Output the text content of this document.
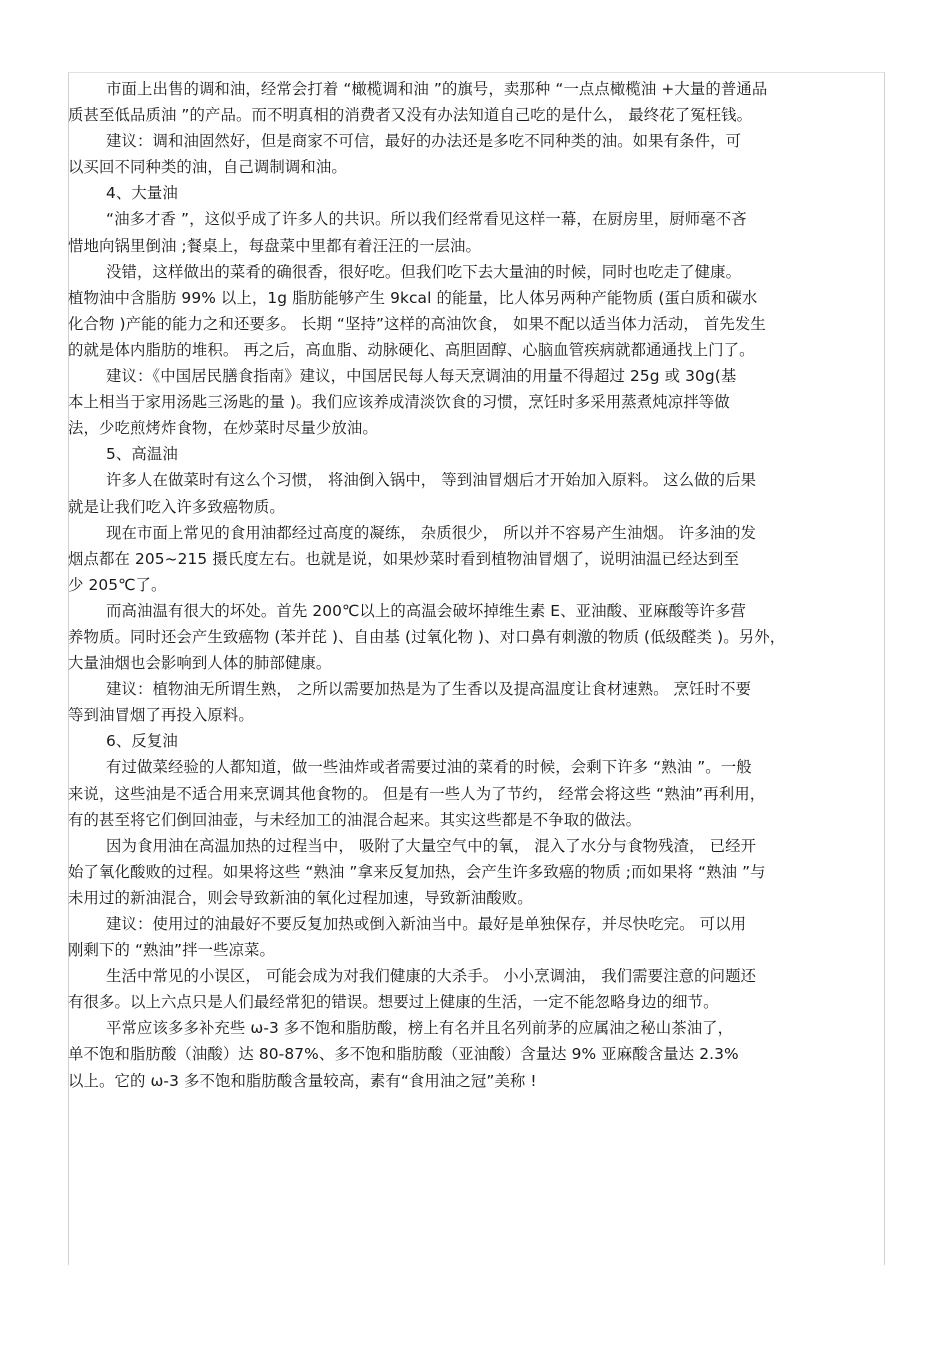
市面上出售的调和油，经常会打着 “橄榄调和油 ”的旗号，卖那种 “一点点橄榄油 +大量的普通品
质甚至低品质油 ”的产品。而不明真相的消费者又没有办法知道自己吃的是什么， 最终花了冤枉钱。
建议：调和油固然好，但是商家不可信，最好的办法还是多吃不同种类的油。如果有条件，可
以买回不同种类的油，自己调制调和油。
4、大量油
“油多才香 ”，这似乎成了许多人的共识。所以我们经常看见这样一幕，在厨房里，厨师毫不吝
惜地向锅里倒油 ;餐桌上，每盘菜中里都有着汪汪的一层油。
没错，这样做出的菜肴的确很香，很好吃。但我们吃下去大量油的时候，同时也吃走了健康。
植物油中含脂肪 99% 以上，1g 脂肪能够产生 9kcal 的能量，比人体另两种产能物质 (蛋白质和碳水
化合物 )产能的能力之和还要多。 长期 “坚持”这样的高油饮食， 如果不配以适当体力活动， 首先发生
的就是体内脂肪的堆积。 再之后，高血脂、动脉硬化、高胆固醇、心脑血管疾病就都通通找上门了。
建议：《中国居民膳食指南》建议，中国居民每人每天烹调油的用量不得超过 25g 或 30g(基
本上相当于家用汤匙三汤匙的量 )。我们应该养成清淡饮食的习惯，烹饪时多采用蒸煮炖凉拌等做
法，少吃煎烤炸食物，在炒菜时尽量少放油。
5、高温油
许多人在做菜时有这么个习惯， 将油倒入锅中， 等到油冒烟后才开始加入原料。 这么做的后果
就是让我们吃入许多致癌物质。
现在市面上常见的食用油都经过高度的凝练， 杂质很少， 所以并不容易产生油烟。 许多油的发
烟点都在 205~215 摄氏度左右。也就是说，如果炒菜时看到植物油冒烟了，说明油温已经达到至
少 205℃了。
而高油温有很大的坏处。首先 200℃以上的高温会破坏掉维生素 E、亚油酸、亚麻酸等许多营
养物质。同时还会产生致癌物 (苯并芘 )、自由基 (过氧化物 )、对口鼻有刺激的物质 (低级醛类 )。另外，
大量油烟也会影响到人体的肺部健康。
建议：植物油无所谓生熟， 之所以需要加热是为了生香以及提高温度让食材速熟。 烹饪时不要
等到油冒烟了再投入原料。
6、反复油
有过做菜经验的人都知道，做一些油炸或者需要过油的菜肴的时候，会剩下许多 “熟油 ”。一般
来说，这些油是不适合用来烹调其他食物的。 但是有一些人为了节约， 经常会将这些 “熟油”再利用，
有的甚至将它们倒回油壶，与未经加工的油混合起来。其实这些都是不争取的做法。
因为食用油在高温加热的过程当中， 吸附了大量空气中的氧， 混入了水分与食物残渣， 已经开
始了氧化酸败的过程。如果将这些 “熟油 ”拿来反复加热，会产生许多致癌的物质 ;而如果将 “熟油 ”与
未用过的新油混合，则会导致新油的氧化过程加速，导致新油酸败。
建议：使用过的油最好不要反复加热或倒入新油当中。最好是单独保存，并尽快吃完。 可以用
刚剩下的 “熟油”拌一些凉菜。
生活中常见的小误区， 可能会成为对我们健康的大杀手。 小小烹调油， 我们需要注意的问题还
有很多。以上六点只是人们最经常犯的错误。想要过上健康的生活，一定不能忽略身边的细节。
平常应该多多补充些 ω-3 多不饱和脂肪酸，榜上有名并且名列前茅的应属油之秘山茶油了，
单不饱和脂肪酸（油酸）达 80-87%、多不饱和脂肪酸（亚油酸）含量达 9% 亚麻酸含量达 2.3%
以上。它的 ω-3 多不饱和脂肪酸含量较高，素有“食用油之冠”美称 !
